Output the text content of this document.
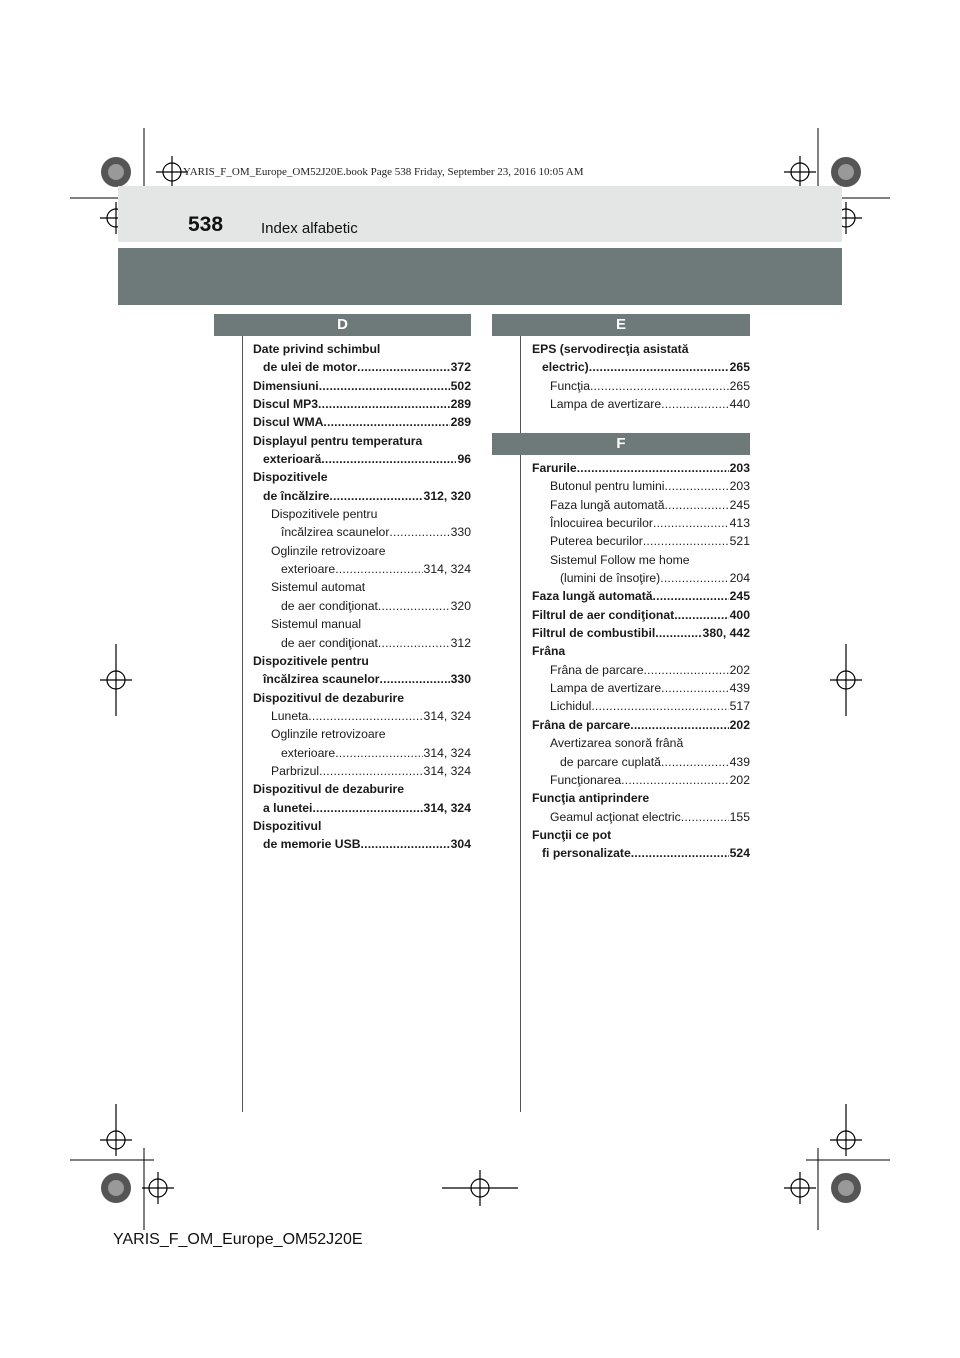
YARIS_F_OM_Europe_OM52J20E.book Page 538 Friday, September 23, 2016 10:05 AM
538	Index alfabetic
D
Date privind schimbul
de ulei de motor .....	372
Dimensiuni .....	502
Discul MP3 .....	289
Discul WMA .....	289
Displayul pentru temperatura
exterioară .....	96
Dispozitivele
de încălzire .....	312, 320
Dispozitivele pentru
încălzirea scaunelor .....	330
Oglinzile retrovizoare
exterioare .....	314, 324
Sistemul automat
de aer condiţionat .....	320
Sistemul manual
de aer condiţionat .....	312
Dispozitivele pentru
încălzirea scaunelor .....	330
Dispozitivul de dezaburire
Luneta .....	314, 324
Oglinzile retrovizoare
exterioare .....	314, 324
Parbrizul .....	314, 324
Dispozitivul de dezaburire
a lunetei .....	314, 324
Dispozitivul
de memorie USB .....	304
E
EPS (servodirecţia asistată
electric) .....	265
Funcţia .....	265
Lampa de avertizare .....	440
F
Farurile .....	203
Butonul pentru lumini .....	203
Faza lungă automată .....	245
Înlocuirea becurilor .....	413
Puterea becurilor .....	521
Sistemul Follow me home
(lumini de însoţire) .....	204
Faza lungă automată .....	245
Filtrul de aer condiţionat .....	400
Filtrul de combustibil .....	380, 442
Frâna
Frâna de parcare .....	202
Lampa de avertizare .....	439
Lichidul .....	517
Frâna de parcare .....	202
Avertizarea sonoră frână
de parcare cuplată .....	439
Funcţionarea .....	202
Funcţia antiprindere
Geamul acţionat electric .....	155
Funcţii ce pot
fi personalizate .....	524
YARIS_F_OM_Europe_OM52J20E
